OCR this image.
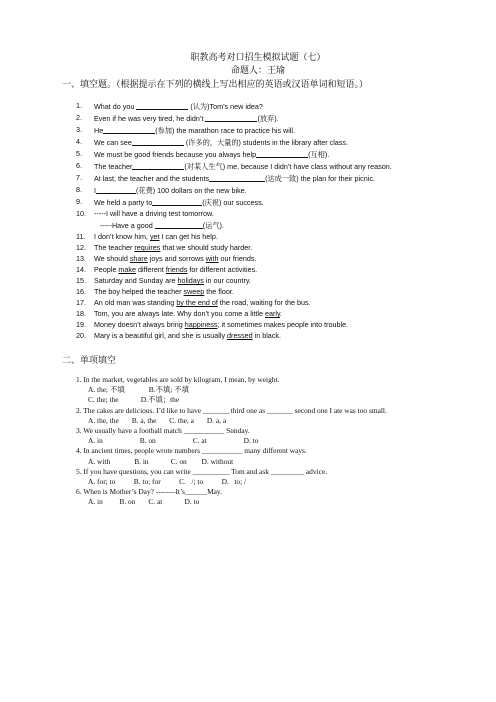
职教高考对口招生模拟试题（七）
命题人：王瑜
一、填空题。（根据提示在下列的横线上写出相应的英语或汉语单词和短语。）
1. What do you	(认为)Tom’s new idea?
2. Even if he was very tired, he didn’t	(放弃).
3. He	(参加) the marathon race to practice his will.
4. We can see	(许多的，大量的) students in the library after class.
5. We must be good friends because you always help	(互相).
6. The teacher	(对某人生气) me, because I didn’t have class without any reason.
7. At last, the teacher and the students	(达成一致) the plan for their picnic.
8. I	(花费) 100 dollars on the new bike.
9. We held a party to	(庆祝) our success.
10. -----I will have a driving test tomorrow.
-----Have a good	(运气).
11. I don’t know him, yet I can get his help.
12. The teacher requires that we should study harder.
13. We should share joys and sorrows with our friends.
14. People make different friends for different activities.
15. Saturday and Sunday are holidays in our country.
16. The boy helped the teacher sweep the floor.
17. An old man was standing by the end of the road, waiting for the bus.
18. Tom, you are always late. Why don’t you come a little early.
19. Money doesn’t always bring happiness; it sometimes makes people into trouble.
20. Mary is a beautiful girl, and she is usually dressed in black.
二、单项填空

1. In the market, vegetables are sold by kilogram, I mean, by weight.

A. the; 不填             B.不填; 不填
C. the; the            D.不填；the

2. The cakes are delicious. I’d like to have _______ third one as _______ second one I ate was too small.

A. the, the       B. a, the       C. the, a       D. a, a

3. We usually have a football match ___________ Sunday.

A. in                    B. on                    C. at                    D. to

4. In ancient times, people wrote numbers ___________ many different ways.

A. with             B. in            C. on        D. without

5. If you have questions, you can write __________ Tom and ask _________ advice.

A. for; to          B. to; for          C.   /; to          D.   to; /

6. When is Mother’s Day? --------It’s______May.

A. in         B. on       C. at            D. to
